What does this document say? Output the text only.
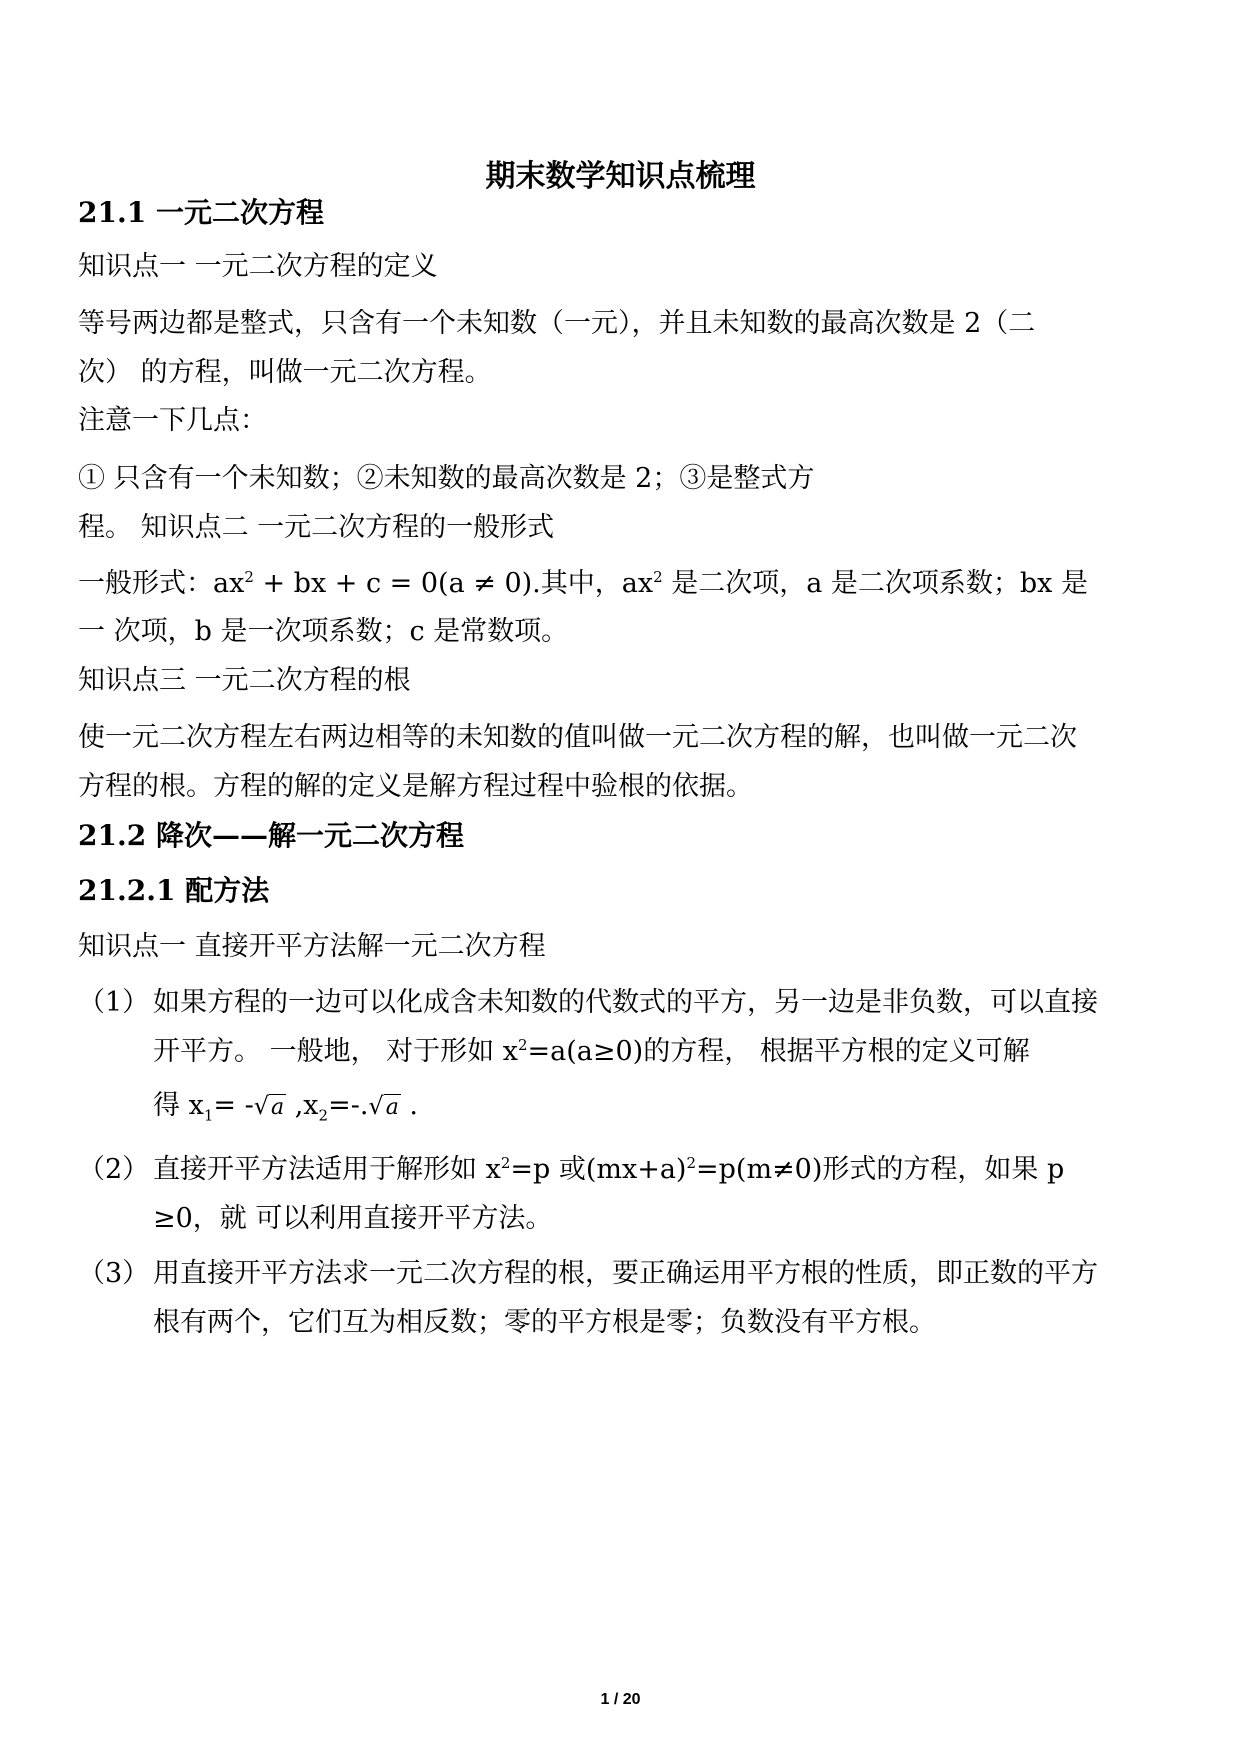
期末数学知识点梳理
21.1 一元二次方程
知识点一 一元二次方程的定义
等号两边都是整式，只含有一个未知数（一元），并且未知数的最高次数是 2（二
次） 的方程，叫做一元二次方程。
注意一下几点：
① 只含有一个未知数；②未知数的最高次数是 2；③是整式方
程。 知识点二 一元二次方程的一般形式
一般形式：$ax^2$ + bx + c = 0(a ≠ 0).其中，$ax^2$ 是二次项，a 是二次项系数；bx 是
一 次项，b 是一次项系数；c 是常数项。
知识点三 一元二次方程的根
使一元二次方程左右两边相等的未知数的值叫做一元二次方程的解，也叫做一元二次
方程的根。方程的解的定义是解方程过程中验根的依据。
21.2 降次——解一元二次方程
21.2.1 配方法
知识点一 直接开平方法解一元二次方程
（1） 如果方程的一边可以化成含未知数的代数式的平方，另一边是非负数，可以直接
开平方。 一般地， 对于形如 $x^2=a(a\ge 0)$的方程， 根据平方根的定义可解
得 $x_1= -√a$ $,x_2=-.√a$ .
（2） 直接开平方法适用于解形如 $x^2=p$ 或$(mx+a)^2=p(m\ne 0)$形式的方程，如果 p
≥0，就 可以利用直接开平方法。
（3） 用直接开平方法求一元二次方程的根，要正确运用平方根的性质，即正数的平方
根有两个，它们互为相反数；零的平方根是零；负数没有平方根。
1 / 20
